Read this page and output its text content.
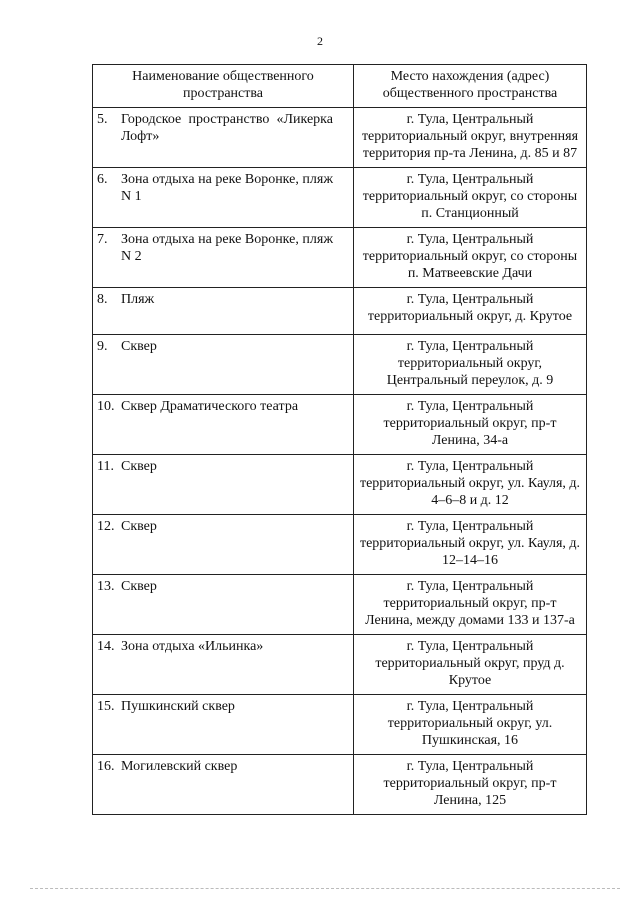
2
Наименование общественного пространства	Место нахождения (адрес) общественного пространства
5. Городское пространство «Ликерка Лофт»	г. Тула, Центральный территориальный округ, внутренняя территория пр-та Ленина, д. 85 и 87
6. Зона отдыха на реке Воронке, пляж N 1	г. Тула, Центральный территориальный округ, со стороны п. Станционный
7. Зона отдыха на реке Воронке, пляж N 2	г. Тула, Центральный территориальный округ, со стороны п. Матвеевские Дачи
8. Пляж	г. Тула, Центральный территориальный округ, д. Крутое
9. Сквер	г. Тула, Центральный территориальный округ, Центральный переулок, д. 9
10. Сквер Драматического театра	г. Тула, Центральный территориальный округ, пр-т Ленина, 34-а
11. Сквер	г. Тула, Центральный территориальный округ, ул. Кауля, д. 4–6–8 и д. 12
12. Сквер	г. Тула, Центральный территориальный округ, ул. Кауля, д. 12–14–16
13. Сквер	г. Тула, Центральный территориальный округ, пр-т Ленина, между домами 133 и 137-а
14. Зона отдыха «Ильинка»	г. Тула, Центральный территориальный округ, пруд д. Крутое
15. Пушкинский сквер	г. Тула, Центральный территориальный округ, ул. Пушкинская, 16
16. Могилевский сквер	г. Тула, Центральный территориальный округ, пр-т Ленина, 125
